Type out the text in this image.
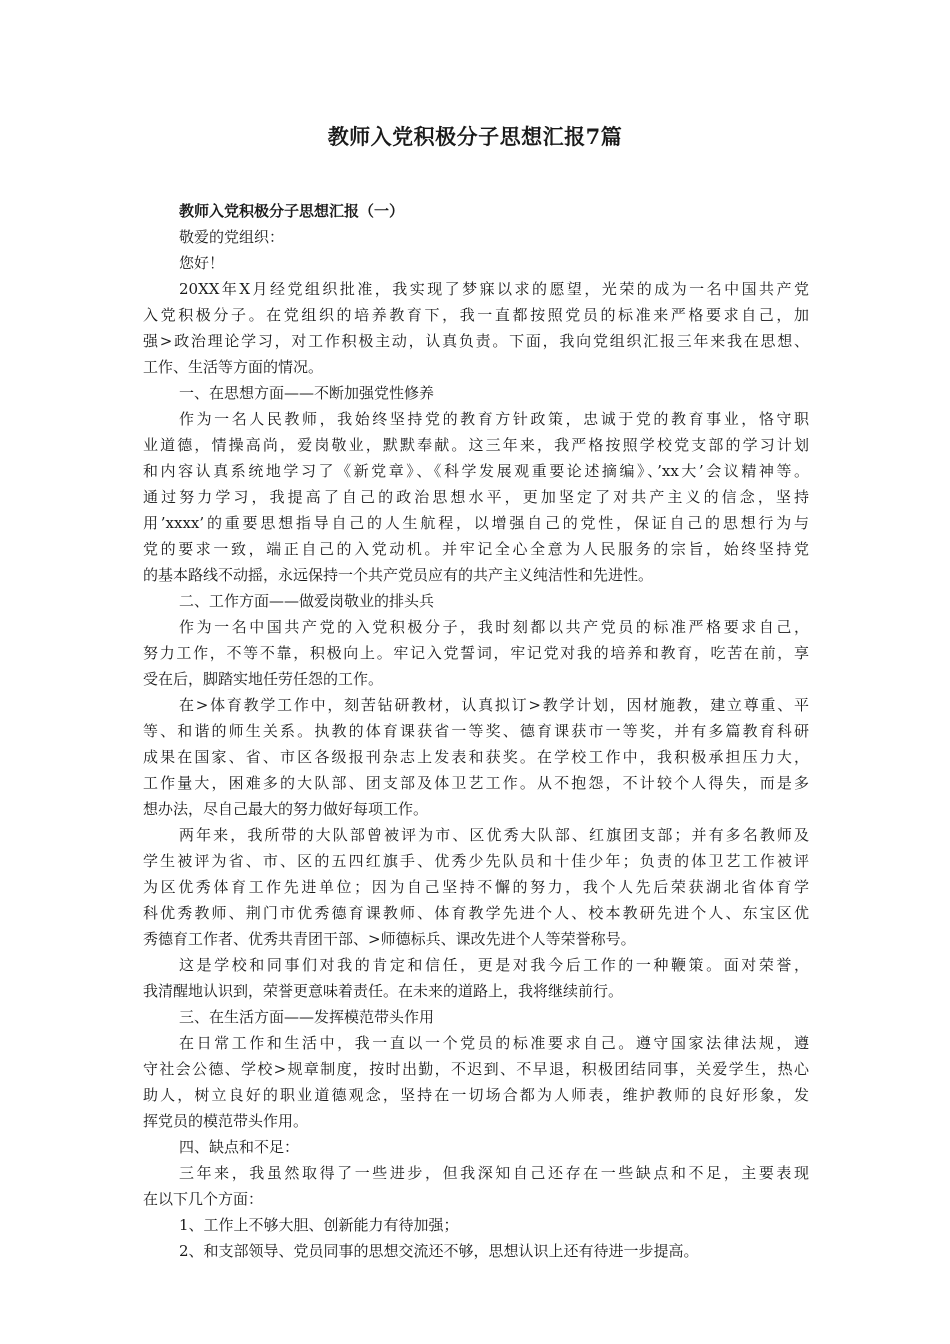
教师入党积极分子思想汇报7篇
教师入党积极分子思想汇报（一）
敬爱的党组织：
您好！
20XX年X月经党组织批准，我实现了梦寐以求的愿望，光荣的成为一名中国共产党
入党积极分子。在党组织的培养教育下，我一直都按照党员的标准来严格要求自己，加
强>政治理论学习，对工作积极主动，认真负责。下面，我向党组织汇报三年来我在思想、
工作、生活等方面的情况。
一、在思想方面——不断加强党性修养
作为一名人民教师，我始终坚持党的教育方针政策，忠诚于党的教育事业，恪守职
业道德，情操高尚，爱岗敬业，默默奉献。这三年来，我严格按照学校党支部的学习计划
和内容认真系统地学习了《新党章》、《科学发展观重要论述摘编》、’xx大’会议精神等。
通过努力学习，我提高了自己的政治思想水平，更加坚定了对共产主义的信念，坚持
用’xxxx’的重要思想指导自己的人生航程，以增强自己的党性，保证自己的思想行为与
党的要求一致，端正自己的入党动机。并牢记全心全意为人民服务的宗旨，始终坚持党
的基本路线不动摇，永远保持一个共产党员应有的共产主义纯洁性和先进性。
二、工作方面——做爱岗敬业的排头兵
作为一名中国共产党的入党积极分子，我时刻都以共产党员的标准严格要求自己，
努力工作，不等不靠，积极向上。牢记入党誓词，牢记党对我的培养和教育，吃苦在前，享
受在后，脚踏实地任劳任怨的工作。
在>体育教学工作中，刻苦钻研教材，认真拟订>教学计划，因材施教，建立尊重、平
等、和谐的师生关系。执教的体育课获省一等奖、德育课获市一等奖，并有多篇教育科研
成果在国家、省、市区各级报刊杂志上发表和获奖。在学校工作中，我积极承担压力大，
工作量大，困难多的大队部、团支部及体卫艺工作。从不抱怨，不计较个人得失，而是多
想办法，尽自己最大的努力做好每项工作。
两年来，我所带的大队部曾被评为市、区优秀大队部、红旗团支部；并有多名教师及
学生被评为省、市、区的五四红旗手、优秀少先队员和十佳少年；负责的体卫艺工作被评
为区优秀体育工作先进单位；因为自己坚持不懈的努力，我个人先后荣获湖北省体育学
科优秀教师、荆门市优秀德育课教师、体育教学先进个人、校本教研先进个人、东宝区优
秀德育工作者、优秀共青团干部、>师德标兵、课改先进个人等荣誉称号。
这是学校和同事们对我的肯定和信任，更是对我今后工作的一种鞭策。面对荣誉，
我清醒地认识到，荣誉更意味着责任。在未来的道路上，我将继续前行。
三、在生活方面——发挥模范带头作用
在日常工作和生活中，我一直以一个党员的标准要求自己。遵守国家法律法规，遵
守社会公德、学校>规章制度，按时出勤，不迟到、不早退，积极团结同事，关爱学生，热心
助人，树立良好的职业道德观念，坚持在一切场合都为人师表，维护教师的良好形象，发
挥党员的模范带头作用。
四、缺点和不足：
三年来，我虽然取得了一些进步，但我深知自己还存在一些缺点和不足，主要表现
在以下几个方面：
1、工作上不够大胆、创新能力有待加强；
2、和支部领导、党员同事的思想交流还不够，思想认识上还有待进一步提高。
